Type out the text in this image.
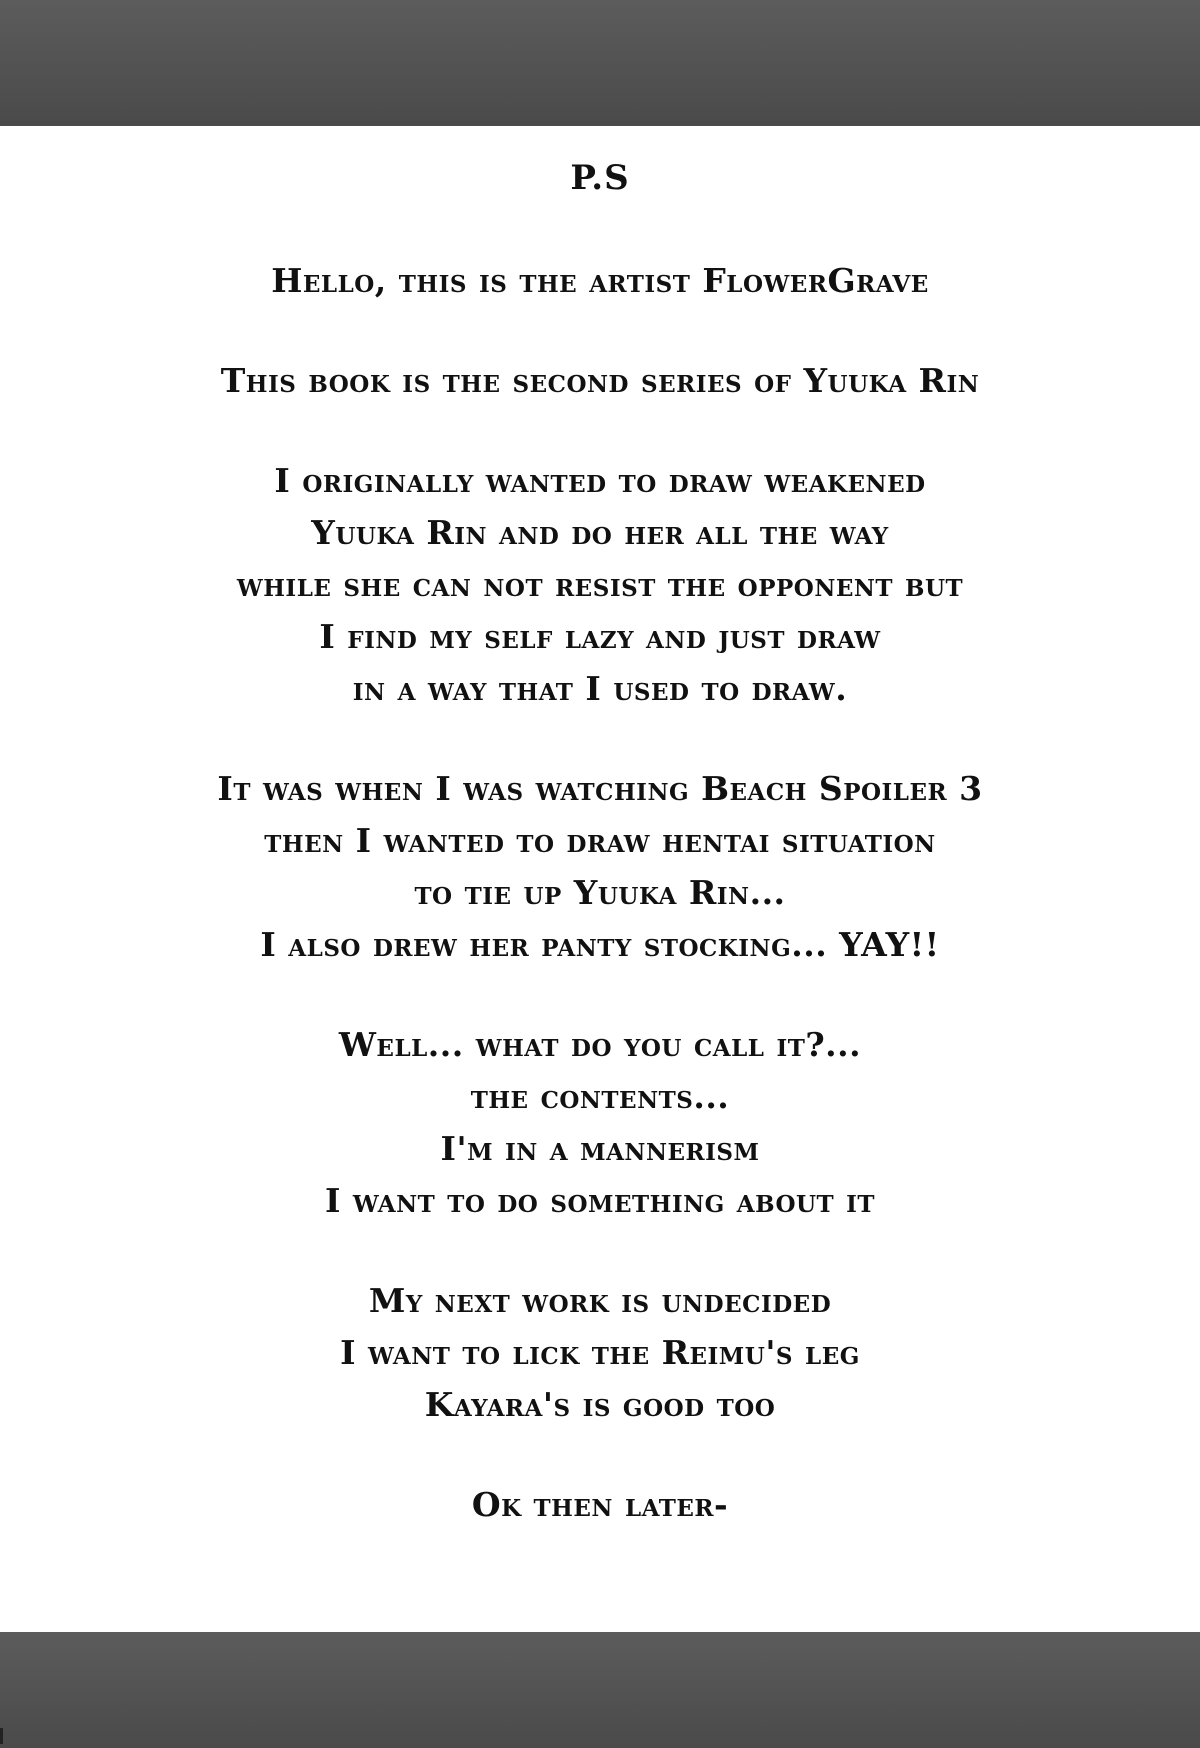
P.S
Hello, this is the artist FlowerGrave
This book is the second series of Yuuka Rin
I originally wanted to draw weakened
Yuuka Rin and do her all the way
while she can not resist the opponent but
I find my self lazy and just draw
in a way that I used to draw.
It was when I was watching Beach Spoiler 3
then I wanted to draw hentai situation
to tie up Yuuka Rin...
I also drew her panty stocking... YAY!!
Well... what do you call it?...
the contents...
I'm in a mannerism
I want to do something about it
My next work is undecided
I want to lick the Reimu's leg
Kayara's is good too
Ok then later-
